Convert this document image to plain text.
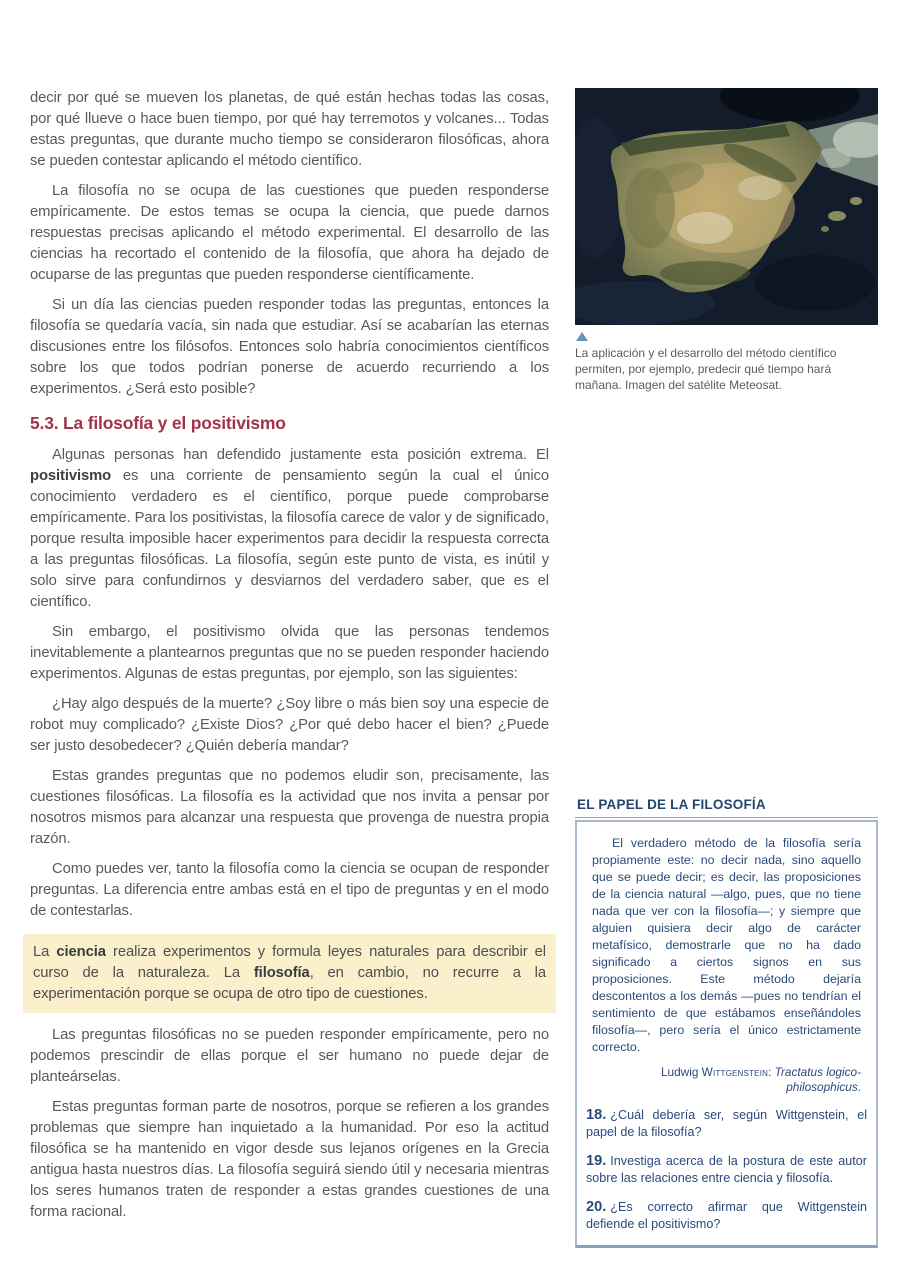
decir por qué se mueven los planetas, de qué están hechas todas las cosas, por qué llueve o hace buen tiempo, por qué hay terremotos y volcanes... Todas estas preguntas, que durante mucho tiempo se consideraron filosóficas, ahora se pueden contestar aplicando el método científico.

La filosofía no se ocupa de las cuestiones que pueden responderse empíricamente. De estos temas se ocupa la ciencia, que puede darnos respuestas precisas aplicando el método experimental. El desarrollo de las ciencias ha recortado el contenido de la filosofía, que ahora ha dejado de ocuparse de las preguntas que pueden responderse científicamente.

Si un día las ciencias pueden responder todas las preguntas, entonces la filosofía se quedaría vacía, sin nada que estudiar. Así se acabarían las eternas discusiones entre los filósofos. Entonces solo habría conocimientos científicos sobre los que todos podrían ponerse de acuerdo recurriendo a los experimentos. ¿Será esto posible?

5.3. La filosofía y el positivismo

Algunas personas han defendido justamente esta posición extrema. El positivismo es una corriente de pensamiento según la cual el único conocimiento verdadero es el científico, porque puede comprobarse empíricamente. Para los positivistas, la filosofía carece de valor y de significado, porque resulta imposible hacer experimentos para decidir la respuesta correcta a las preguntas filosóficas. La filosofía, según este punto de vista, es inútil y solo sirve para confundirnos y desviarnos del verdadero saber, que es el científico.

Sin embargo, el positivismo olvida que las personas tendemos inevitablemente a plantearnos preguntas que no se pueden responder haciendo experimentos. Algunas de estas preguntas, por ejemplo, son las siguientes:

¿Hay algo después de la muerte? ¿Soy libre o más bien soy una especie de robot muy complicado? ¿Existe Dios? ¿Por qué debo hacer el bien? ¿Puede ser justo desobedecer? ¿Quién debería mandar?

Estas grandes preguntas que no podemos eludir son, precisamente, las cuestiones filosóficas. La filosofía es la actividad que nos invita a pensar por nosotros mismos para alcanzar una respuesta que provenga de nuestra propia razón.

Como puedes ver, tanto la filosofía como la ciencia se ocupan de responder preguntas. La diferencia entre ambas está en el tipo de preguntas y en el modo de contestarlas.

La ciencia realiza experimentos y formula leyes naturales para describir el curso de la naturaleza. La filosofía, en cambio, no recurre a la experimentación porque se ocupa de otro tipo de cuestiones.

Las preguntas filosóficas no se pueden responder empíricamente, pero no podemos prescindir de ellas porque el ser humano no puede dejar de planteárselas.

Estas preguntas forman parte de nosotros, porque se refieren a los grandes problemas que siempre han inquietado a la humanidad. Por eso la actitud filosófica se ha mantenido en vigor desde sus lejanos orígenes en la Grecia antigua hasta nuestros días. La filosofía seguirá siendo útil y necesaria mientras los seres humanos traten de responder a estas grandes cuestiones de una forma racional.

La aplicación y el desarrollo del método científico permiten, por ejemplo, predecir qué tiempo hará mañana. Imagen del satélite Meteosat.
EL PAPEL DE LA FILOSOFÍA

El verdadero método de la filosofía sería propiamente este: no decir nada, sino aquello que se puede decir; es decir, las proposiciones de la ciencia natural —algo, pues, que no tiene nada que ver con la filosofía—; y siempre que alguien quisiera decir algo de carácter metafísico, demostrarle que no ha dado significado a ciertos signos en sus proposiciones. Este método dejaría descontentos a los demás —pues no tendrían el sentimiento de que estábamos enseñándoles filosofía—, pero sería el único estrictamente correcto.

Ludwig Wittgenstein: Tractatus logico-philosophicus.

18. ¿Cuál debería ser, según Wittgenstein, el papel de la filosofía?

19. Investiga acerca de la postura de este autor sobre las relaciones entre ciencia y filosofía.

20. ¿Es correcto afirmar que Wittgenstein defiende el positivismo?
